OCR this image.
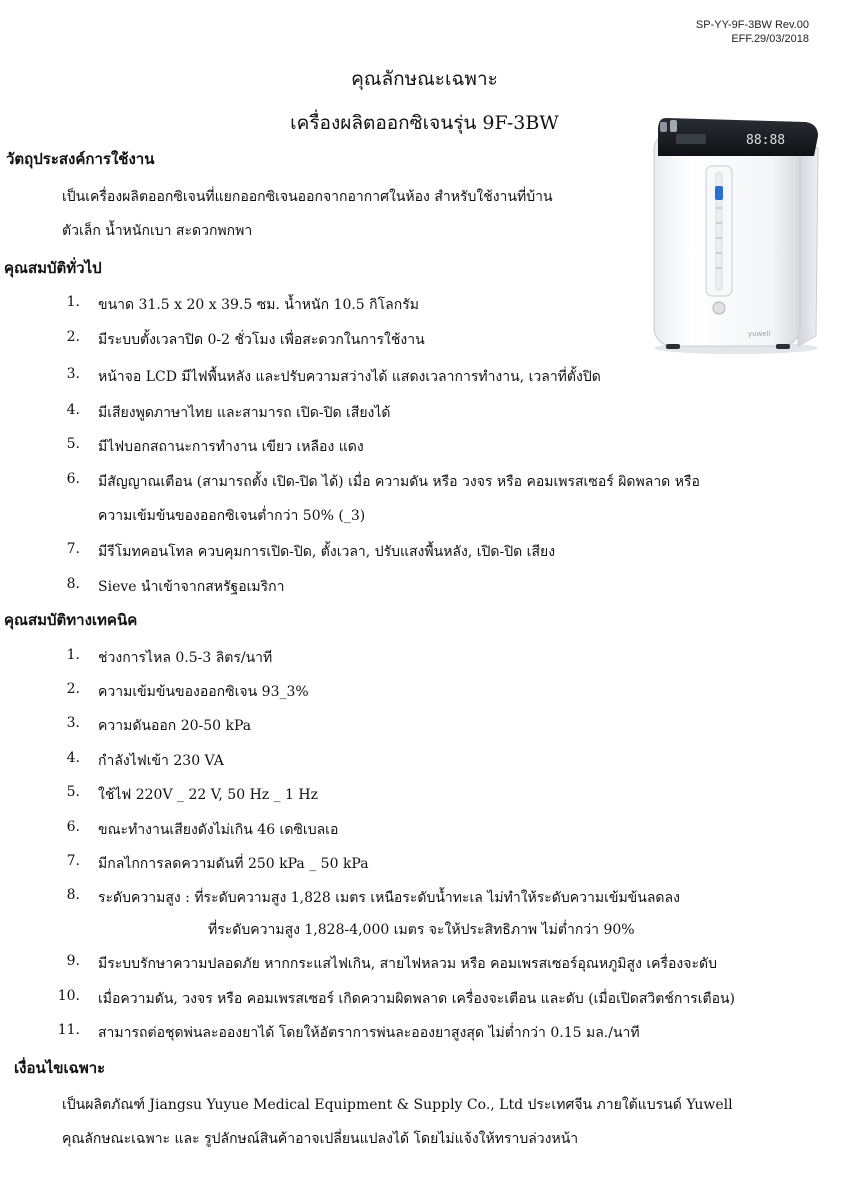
SP-YY-9F-3BW Rev.00
EFF.29/03/2018
คุณลักษณะเฉพาะ
เครื่องผลิตออกซิเจนรุ่น 9F-3BW
88:88
yuwell
วัตถุประสงค์การใช้งาน
เป็นเครื่องผลิตออกซิเจนที่แยกออกซิเจนออกจากอากาศในห้อง สำหรับใช้งานที่บ้าน
ตัวเล็ก น้ำหนักเบา สะดวกพกพา
คุณสมบัติทั่วไป
1. ขนาด 31.5 x 20 x 39.5 ซม. น้ำหนัก 10.5 กิโลกรัม
2. มีระบบตั้งเวลาปิด 0-2 ชั่วโมง เพื่อสะดวกในการใช้งาน
3. หน้าจอ LCD มีไฟพื้นหลัง และปรับความสว่างได้ แสดงเวลาการทำงาน, เวลาที่ตั้งปิด
4. มีเสียงพูดภาษาไทย และสามารถ เปิด-ปิด เสียงได้
5. มีไฟบอกสถานะการทำงาน เขียว เหลือง แดง
6. มีสัญญาณเตือน (สามารถตั้ง เปิด-ปิด ได้) เมื่อ ความดัน หรือ วงจร หรือ คอมเพรสเซอร์ ผิดพลาด หรือ
ความเข้มข้นของออกซิเจนต่ำกว่า 50% (_3)
7. มีรีโมทคอนโทล ควบคุมการเปิด-ปิด, ตั้งเวลา, ปรับแสงพื้นหลัง, เปิด-ปิด เสียง
8. Sieve นำเข้าจากสหรัฐอเมริกา
คุณสมบัติทางเทคนิค
1. ช่วงการไหล 0.5-3 ลิตร/นาที
2. ความเข้มข้นของออกซิเจน 93_3%
3. ความดันออก 20-50 kPa
4. กำลังไฟเข้า 230 VA
5. ใช้ไฟ 220V _ 22 V, 50 Hz _ 1 Hz
6. ขณะทำงานเสียงดังไม่เกิน 46 เดซิเบลเอ
7. มีกลไกการลดความดันที่ 250 kPa _ 50 kPa
8. ระดับความสูง : ที่ระดับความสูง 1,828 เมตร เหนือระดับน้ำทะเล ไม่ทำให้ระดับความเข้มข้นลดลง
ที่ระดับความสูง 1,828-4,000 เมตร จะให้ประสิทธิภาพ ไม่ต่ำกว่า 90%
9. มีระบบรักษาความปลอดภัย หากกระแสไฟเกิน, สายไฟหลวม หรือ คอมเพรสเซอร์อุณหภูมิสูง เครื่องจะดับ
10. เมื่อความดัน, วงจร หรือ คอมเพรสเซอร์ เกิดความผิดพลาด เครื่องจะเตือน และดับ (เมื่อเปิดสวิตช์การเตือน)
11. สามารถต่อชุดพ่นละอองยาได้ โดยให้อัตราการพ่นละอองยาสูงสุด ไม่ต่ำกว่า 0.15 มล./นาที
เงื่อนไขเฉพาะ
เป็นผลิตภัณฑ์ Jiangsu Yuyue Medical Equipment & Supply Co., Ltd ประเทศจีน ภายใต้แบรนด์ Yuwell
คุณลักษณะเฉพาะ และ รูปลักษณ์สินค้าอาจเปลี่ยนแปลงได้ โดยไม่แจ้งให้ทราบล่วงหน้า
